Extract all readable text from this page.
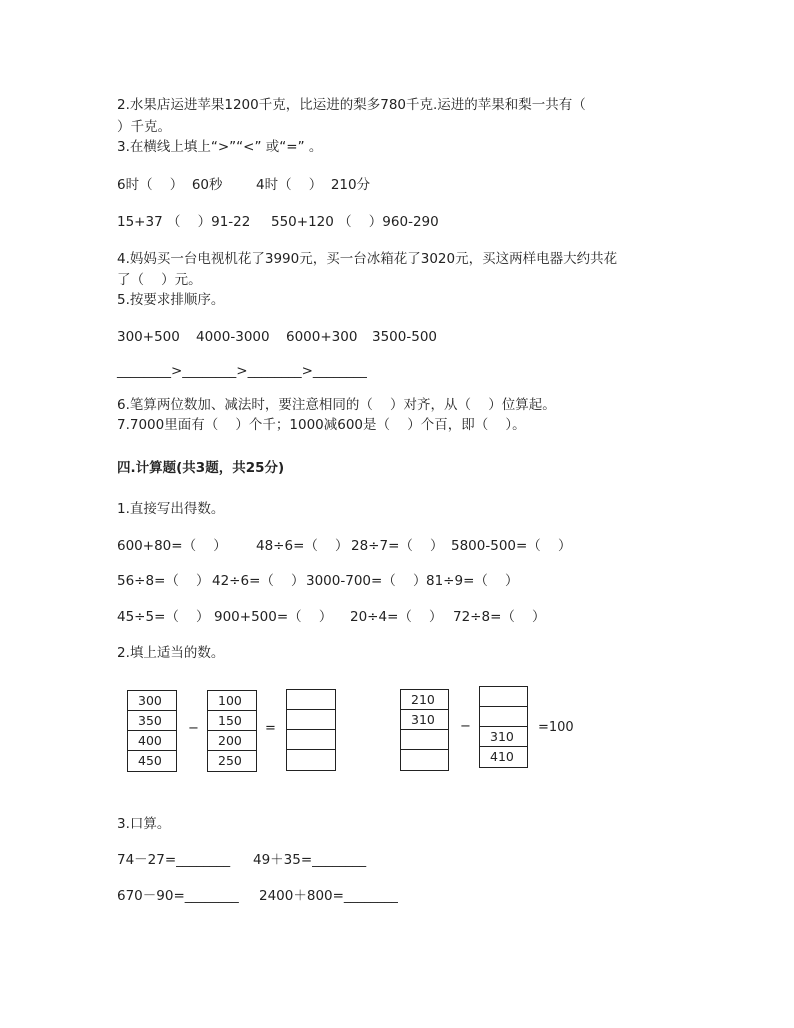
2.水果店运进苹果1200千克，比运进的梨多780千克.运进的苹果和梨一共有（
）千克。
3.在横线上填上“>”“<” 或“=” 。
6时（    ）  60秒 4时（    ）  210分
15+37 （    ）91-22 550+120 （    ）960-290
4.妈妈买一台电视机花了3990元，买一台冰箱花了3020元，买这两样电器大约共花
了（    ）元。
5.按要求排顺序。
300+500 4000-3000 6000+300 3500-500
________>________>________>________
6.笔算两位数加、减法时，要注意相同的（    ）对齐，从（    ）位算起。
7.7000里面有（    ）个千；1000减600是（    ）个百，即（    ）。
四.计算题(共3题，共25分)
1.直接写出得数。
600+80=（    ） 48÷6=（    ） 28÷7=（    ） 5800-500=（    ）
56÷8=（    ） 42÷6=（    ） 3000-700=（    ） 81÷9=（    ）
45÷5=（    ） 900+500=（    ） 20÷4=（    ） 72÷8=（    ）
2.填上适当的数。
300
350
400
450
−
100
150
200
250
=
210
310	−
310
410
=100
3.口算。
74－27=________ 49＋35=________
670－90=________ 2400＋800=________
